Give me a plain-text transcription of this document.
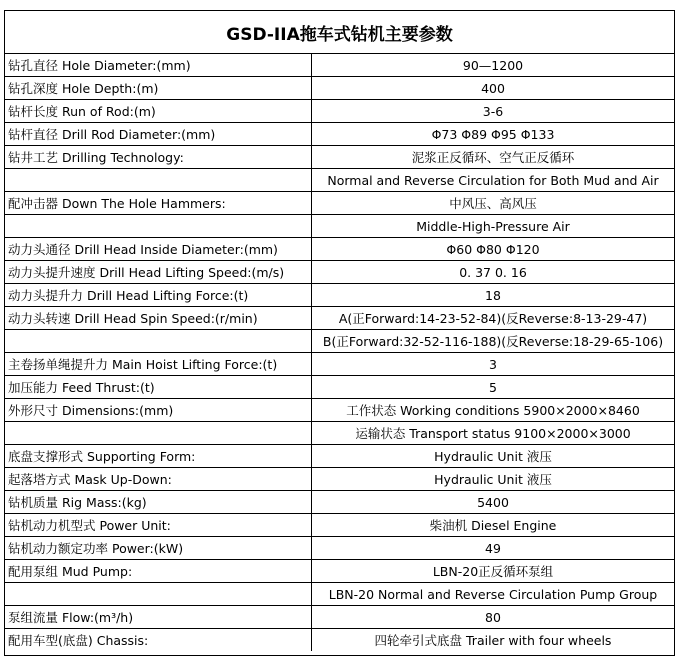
GSD-IIA拖车式钻机主要参数
钻孔直径 Hole Diameter:(mm)	90—1200
钻孔深度 Hole Depth:(m)	400
钻杆长度 Run of Rod:(m)	3-6
钻杆直径 Drill Rod Diameter:(mm)	Φ73 Φ89 Φ95 Φ133
钻井工艺 Drilling Technology:	泥浆正反循环、空气正反循环
	Normal and Reverse Circulation for Both Mud and Air
配冲击器 Down The Hole Hammers:	中风压、高风压
	Middle-High-Pressure Air
动力头通径 Drill Head Inside Diameter:(mm)	Φ60 Φ80 Φ120
动力头提升速度 Drill Head Lifting Speed:(m/s)	0. 37 0. 16
动力头提升力 Drill Head Lifting Force:(t)	18
动力头转速 Drill Head Spin Speed:(r/min)	A(正Forward:14-23-52-84)(反Reverse:8-13-29-47)
	B(正Forward:32-52-116-188)(反Reverse:18-29-65-106)
主卷扬单绳提升力 Main Hoist Lifting Force:(t)	3
加压能力 Feed Thrust:(t)	5
外形尺寸 Dimensions:(mm)	工作状态 Working conditions 5900×2000×8460
	运输状态 Transport status 9100×2000×3000
底盘支撑形式 Supporting Form:	Hydraulic Unit 液压
起落塔方式 Mask Up-Down:	Hydraulic Unit 液压
钻机质量 Rig Mass:(kg)	5400
钻机动力机型式 Power Unit:	柴油机 Diesel Engine
钻机动力额定功率 Power:(kW)	49
配用泵组 Mud Pump:	LBN-20正反循环泵组
	LBN-20 Normal and Reverse Circulation Pump Group
泵组流量 Flow:(m³/h)	80
配用车型(底盘) Chassis:	四轮牵引式底盘 Trailer with four wheels
